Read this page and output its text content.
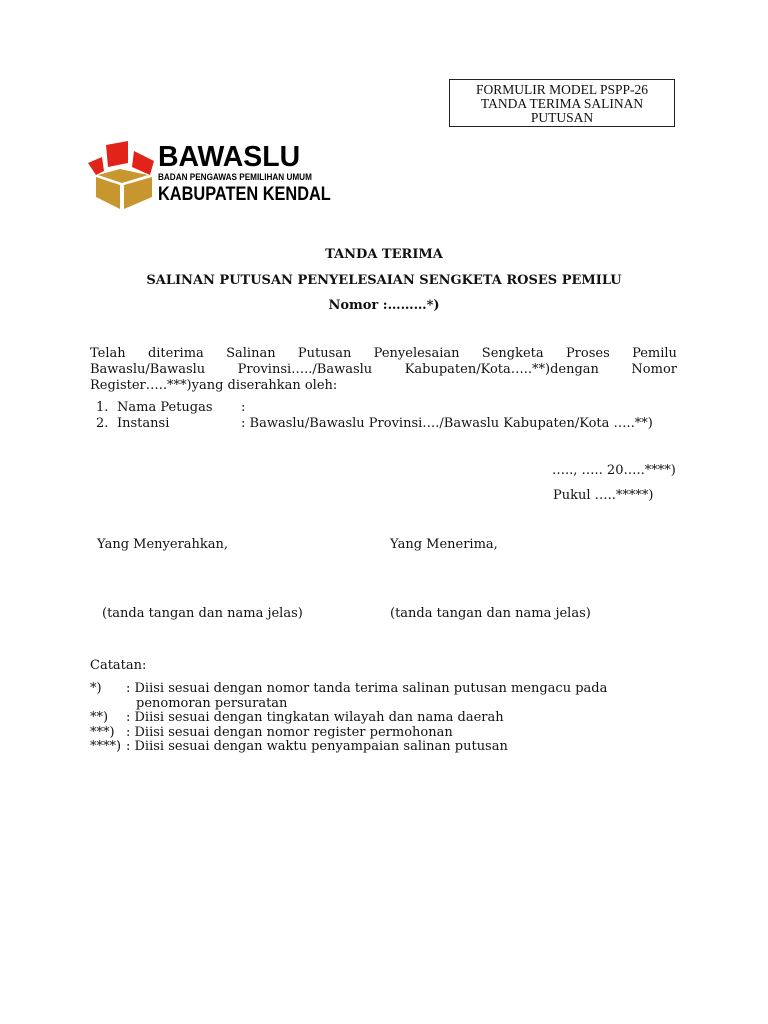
FORMULIR MODEL PSPP-26
TANDA TERIMA SALINAN
PUTUSAN
BAWASLU
BADAN PENGAWAS PEMILIHAN UMUM
KABUPATEN KENDAL
TANDA TERIMA
SALINAN PUTUSAN PENYELESAIAN SENGKETA ROSES PEMILU
Nomor :………*)
Telah diterima Salinan Putusan Penyelesaian Sengketa Proses Pemilu
Bawaslu/Bawaslu	Provinsi…../Bawaslu	Kabupaten/Kota…..**)dengan	Nomor
Register…..***)yang diserahkan oleh:
1. Nama Petugas :
2. Instansi	: Bawaslu/Bawaslu Provinsi…./Bawaslu Kabupaten/Kota …..**)
….., ….. 20…..****)
Pukul …..*****)
Yang Menyerahkan,	Yang Menerima,
(tanda tangan dan nama jelas)	(tanda tangan dan nama jelas)
Catatan:
*) : Diisi sesuai dengan nomor tanda terima salinan putusan mengacu pada penomoran persuratan
**) : Diisi sesuai dengan tingkatan wilayah dan nama daerah
***) : Diisi sesuai dengan nomor register permohonan
****) : Diisi sesuai dengan waktu penyampaian salinan putusan
